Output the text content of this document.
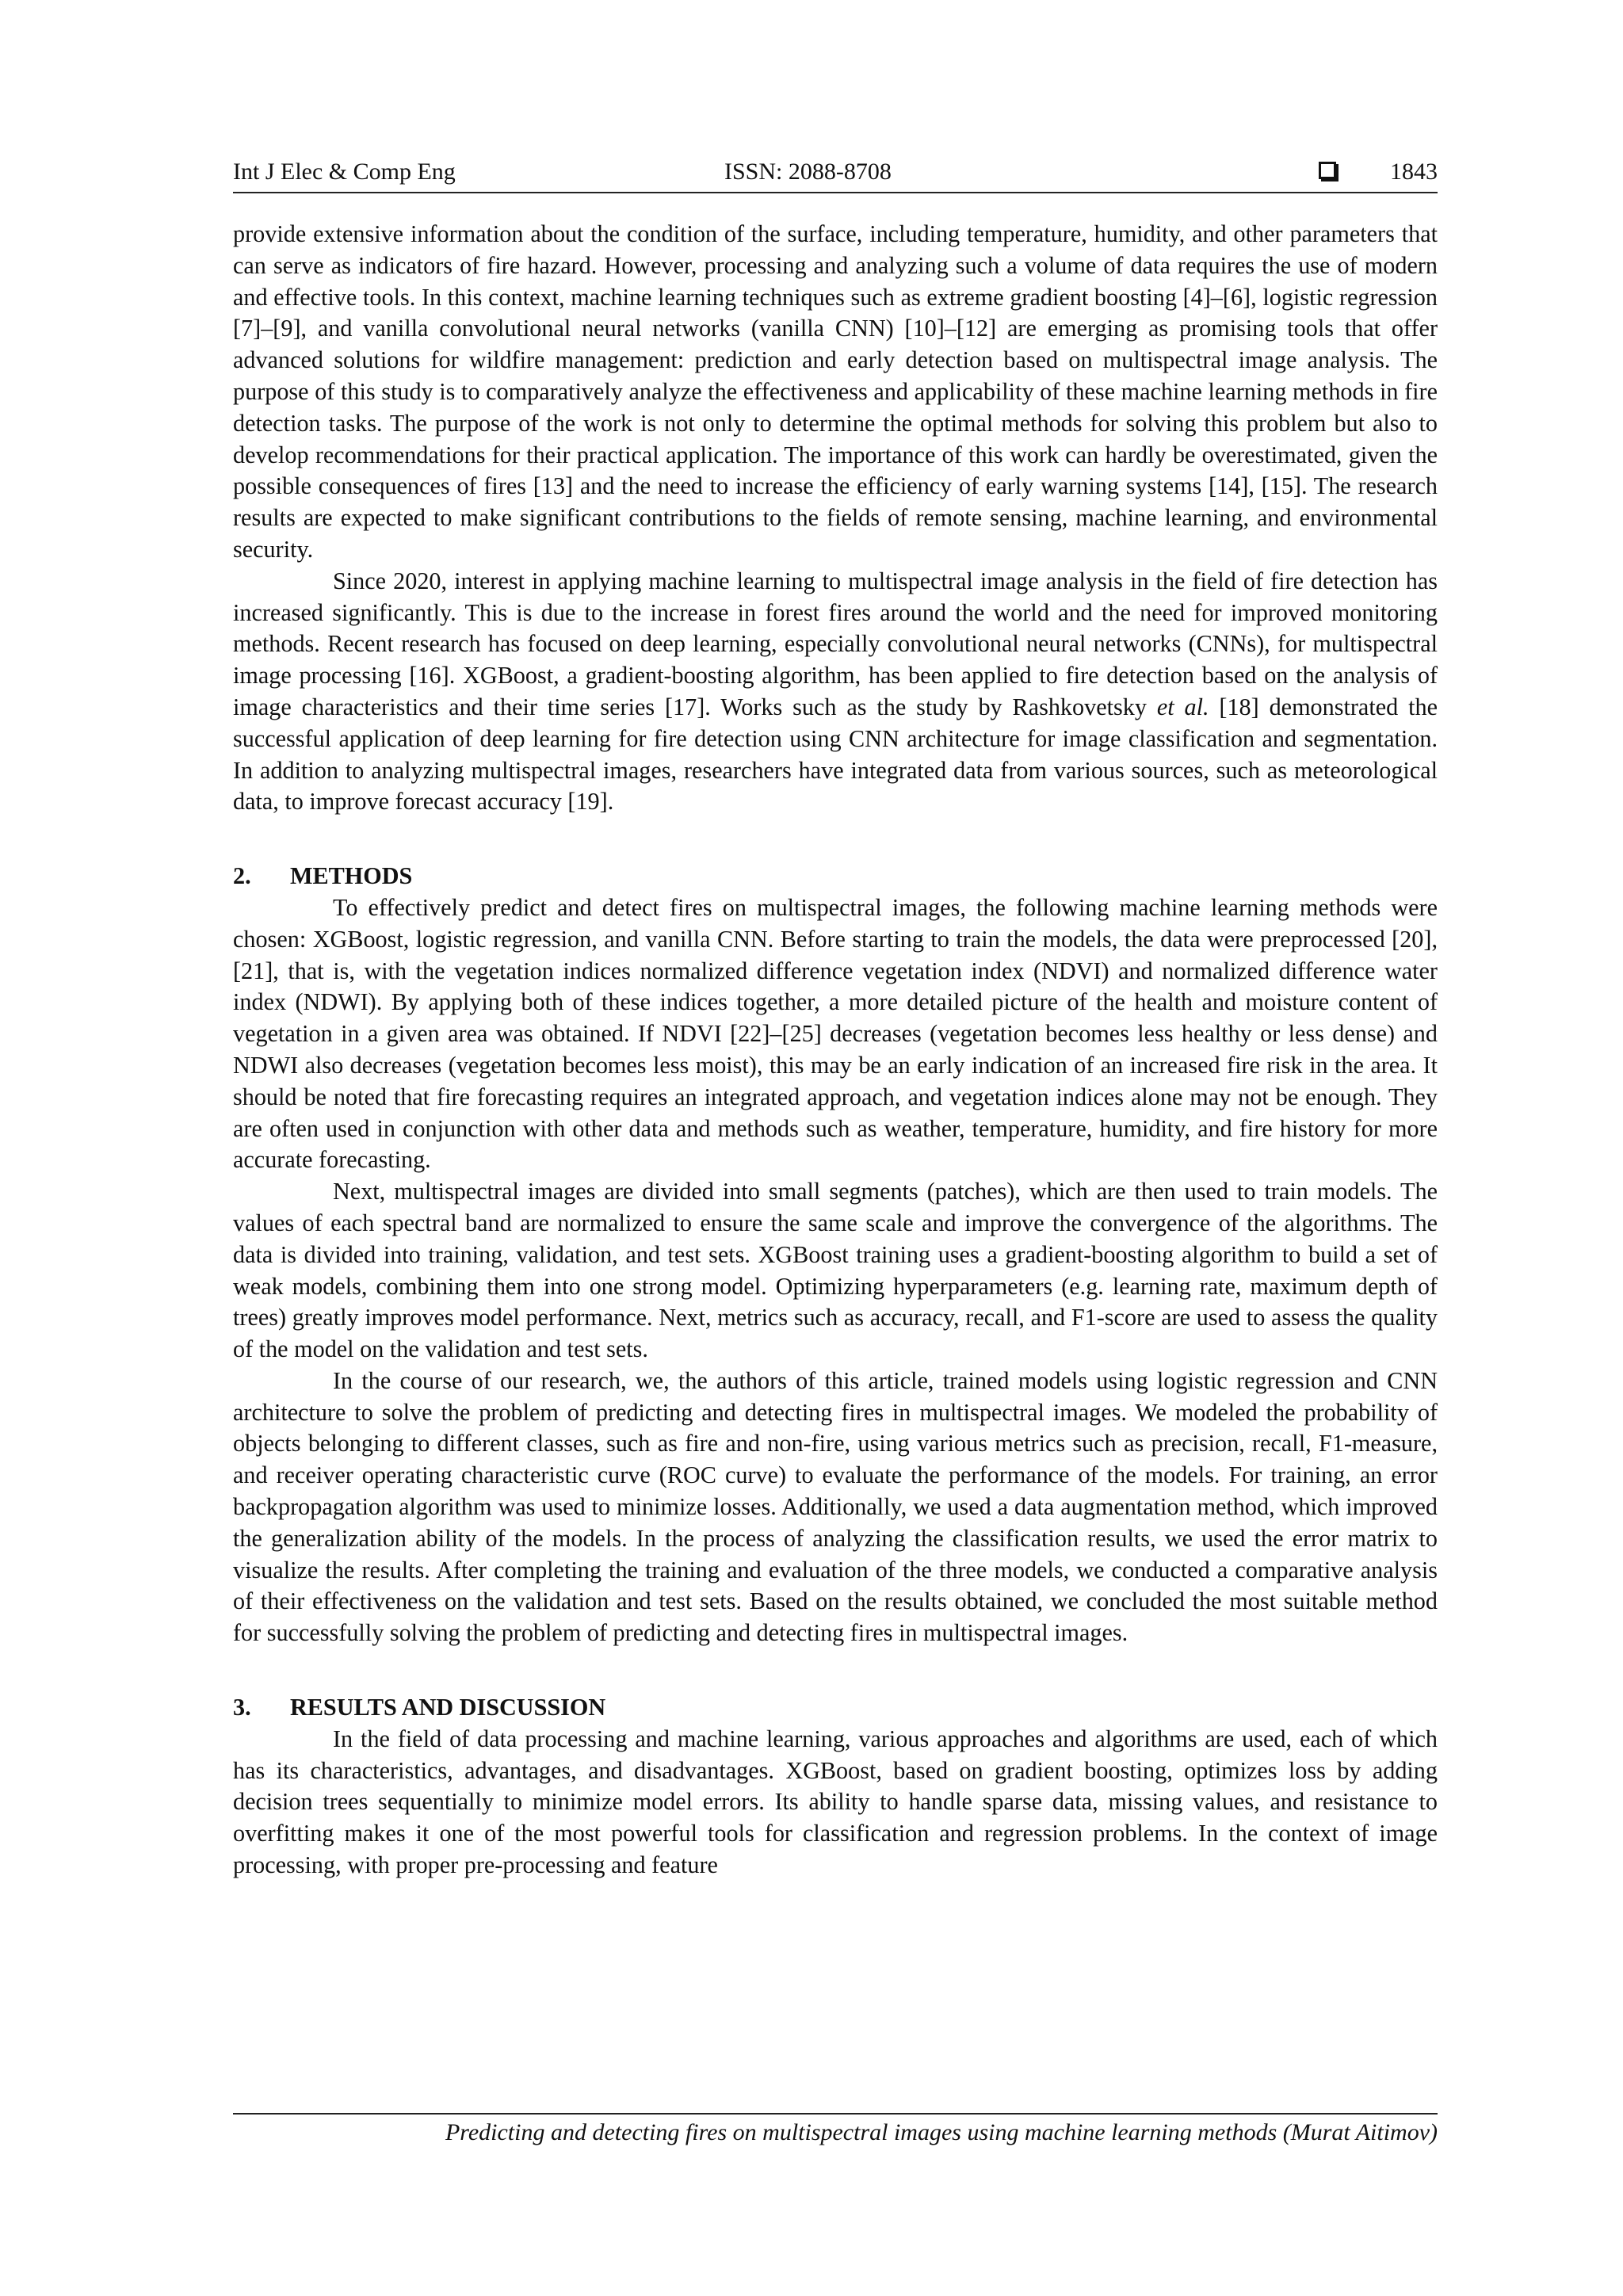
Int J Elec & Comp Eng	ISSN: 2088-8708	1843

provide extensive information about the condition of the surface, including temperature, humidity, and other parameters that can serve as indicators of fire hazard. However, processing and analyzing such a volume of data requires the use of modern and effective tools. In this context, machine learning techniques such as extreme gradient boosting [4]–[6], logistic regression [7]–[9], and vanilla convolutional neural networks (vanilla CNN) [10]–[12] are emerging as promising tools that offer advanced solutions for wildfire management: prediction and early detection based on multispectral image analysis. The purpose of this study is to comparatively analyze the effectiveness and applicability of these machine learning methods in fire detection tasks. The purpose of the work is not only to determine the optimal methods for solving this problem but also to develop recommendations for their practical application. The importance of this work can hardly be overestimated, given the possible consequences of fires [13] and the need to increase the efficiency of early warning systems [14], [15]. The research results are expected to make significant contributions to the fields of remote sensing, machine learning, and environmental security.

Since 2020, interest in applying machine learning to multispectral image analysis in the field of fire detection has increased significantly. This is due to the increase in forest fires around the world and the need for improved monitoring methods. Recent research has focused on deep learning, especially convolutional neural networks (CNNs), for multispectral image processing [16]. XGBoost, a gradient-boosting algorithm, has been applied to fire detection based on the analysis of image characteristics and their time series [17]. Works such as the study by Rashkovetsky et al. [18] demonstrated the successful application of deep learning for fire detection using CNN architecture for image classification and segmentation. In addition to analyzing multispectral images, researchers have integrated data from various sources, such as meteorological data, to improve forecast accuracy [19].

2. METHODS

To effectively predict and detect fires on multispectral images, the following machine learning methods were chosen: XGBoost, logistic regression, and vanilla CNN. Before starting to train the models, the data were preprocessed [20], [21], that is, with the vegetation indices normalized difference vegetation index (NDVI) and normalized difference water index (NDWI). By applying both of these indices together, a more detailed picture of the health and moisture content of vegetation in a given area was obtained. If NDVI [22]–[25] decreases (vegetation becomes less healthy or less dense) and NDWI also decreases (vegetation becomes less moist), this may be an early indication of an increased fire risk in the area. It should be noted that fire forecasting requires an integrated approach, and vegetation indices alone may not be enough. They are often used in conjunction with other data and methods such as weather, temperature, humidity, and fire history for more accurate forecasting.

Next, multispectral images are divided into small segments (patches), which are then used to train models. The values of each spectral band are normalized to ensure the same scale and improve the convergence of the algorithms. The data is divided into training, validation, and test sets. XGBoost training uses a gradient-boosting algorithm to build a set of weak models, combining them into one strong model. Optimizing hyperparameters (e.g. learning rate, maximum depth of trees) greatly improves model performance. Next, metrics such as accuracy, recall, and F1-score are used to assess the quality of the model on the validation and test sets.

In the course of our research, we, the authors of this article, trained models using logistic regression and CNN architecture to solve the problem of predicting and detecting fires in multispectral images. We modeled the probability of objects belonging to different classes, such as fire and non-fire, using various metrics such as precision, recall, F1-measure, and receiver operating characteristic curve (ROC curve) to evaluate the performance of the models. For training, an error backpropagation algorithm was used to minimize losses. Additionally, we used a data augmentation method, which improved the generalization ability of the models. In the process of analyzing the classification results, we used the error matrix to visualize the results. After completing the training and evaluation of the three models, we conducted a comparative analysis of their effectiveness on the validation and test sets. Based on the results obtained, we concluded the most suitable method for successfully solving the problem of predicting and detecting fires in multispectral images.

3. RESULTS AND DISCUSSION

In the field of data processing and machine learning, various approaches and algorithms are used, each of which has its characteristics, advantages, and disadvantages. XGBoost, based on gradient boosting, optimizes loss by adding decision trees sequentially to minimize model errors. Its ability to handle sparse data, missing values, and resistance to overfitting makes it one of the most powerful tools for classification and regression problems. In the context of image processing, with proper pre-processing and feature

Predicting and detecting fires on multispectral images using machine learning methods (Murat Aitimov)
